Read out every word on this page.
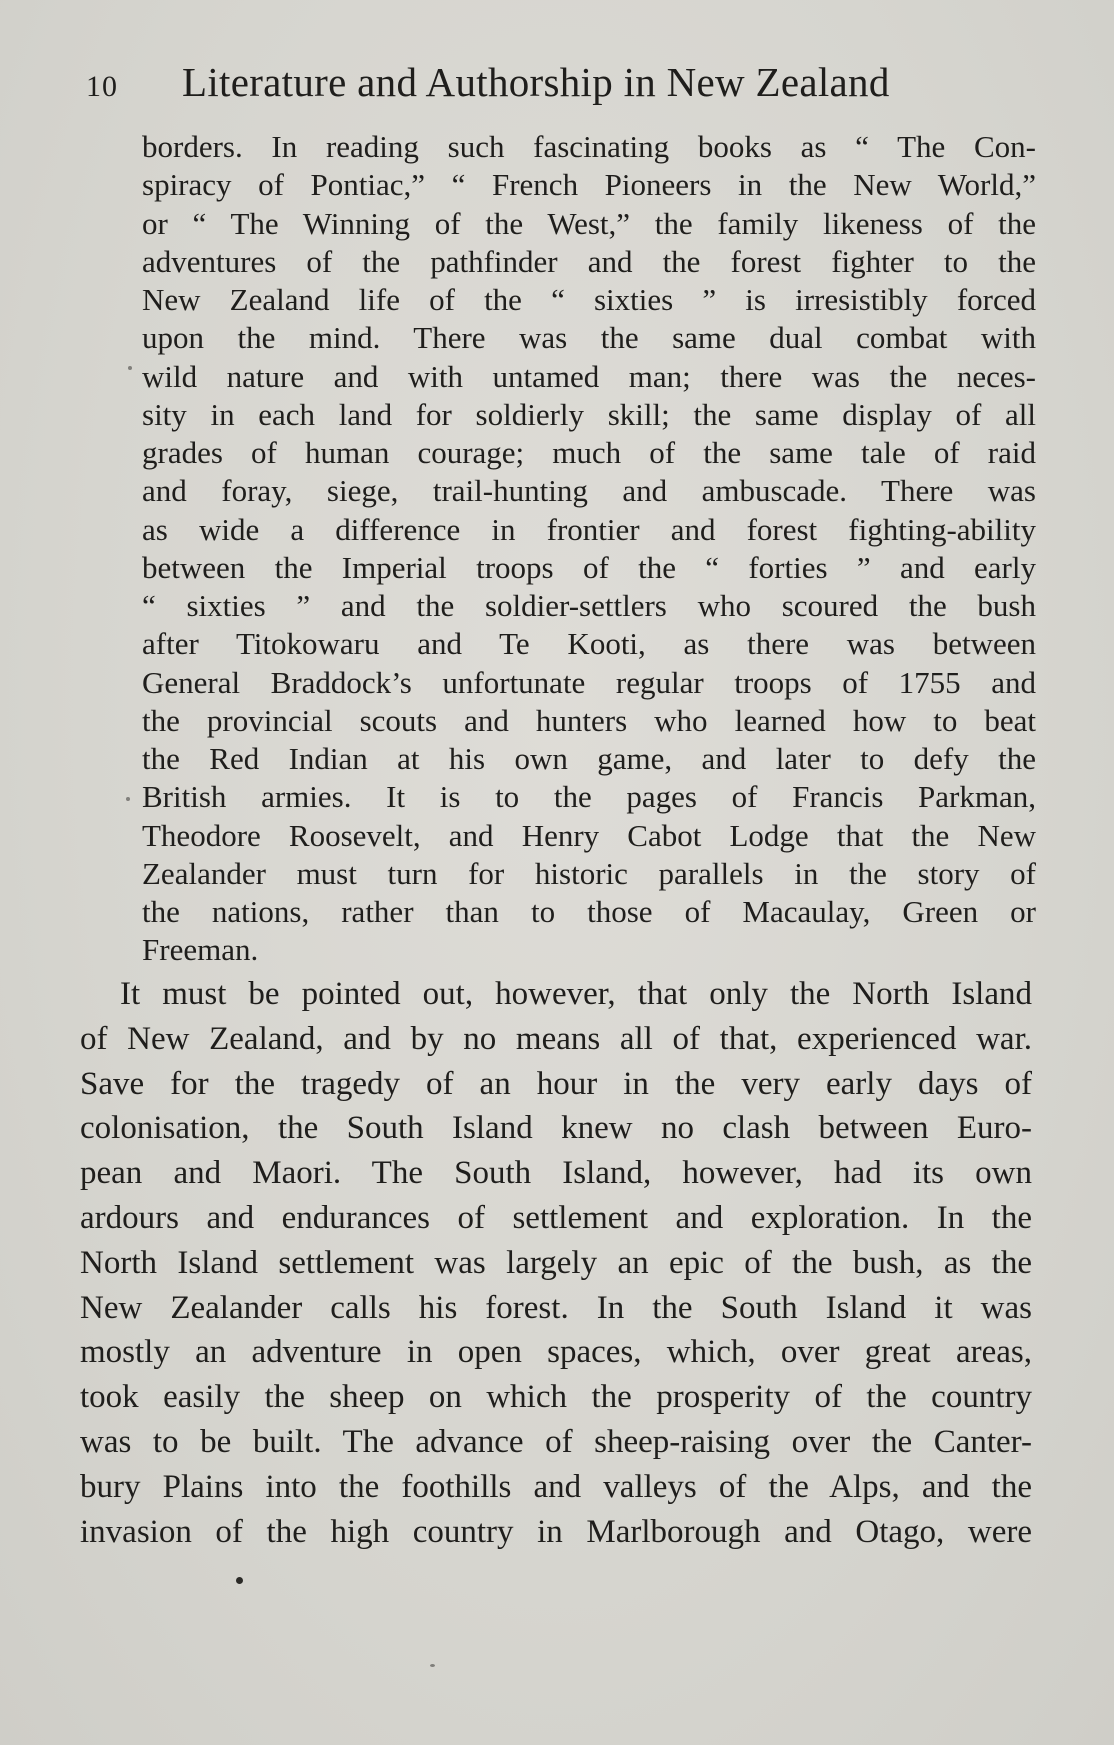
10 Literature and Authorship in New Zealand
borders. In reading such fascinating books as “ The Con-
spiracy of Pontiac,” “ French Pioneers in the New World,”
or “ The Winning of the West,” the family likeness of the
adventures of the pathfinder and the forest fighter to the
New Zealand life of the “ sixties ” is irresistibly forced
upon the mind. There was the same dual combat with
wild nature and with untamed man; there was the neces-
sity in each land for soldierly skill; the same display of all
grades of human courage; much of the same tale of raid
and foray, siege, trail-hunting and ambuscade. There was
as wide a difference in frontier and forest fighting-ability
between the Imperial troops of the “ forties ” and early
“ sixties ” and the soldier-settlers who scoured the bush
after Titokowaru and Te Kooti, as there was between
General Braddock’s unfortunate regular troops of 1755 and
the provincial scouts and hunters who learned how to beat
the Red Indian at his own game, and later to defy the
British armies. It is to the pages of Francis Parkman,
Theodore Roosevelt, and Henry Cabot Lodge that the New
Zealander must turn for historic parallels in the story of
the nations, rather than to those of Macaulay, Green or
Freeman.
It must be pointed out, however, that only the North Island
of New Zealand, and by no means all of that, experienced war.
Save for the tragedy of an hour in the very early days of
colonisation, the South Island knew no clash between Euro-
pean and Maori. The South Island, however, had its own
ardours and endurances of settlement and exploration. In the
North Island settlement was largely an epic of the bush, as the
New Zealander calls his forest. In the South Island it was
mostly an adventure in open spaces, which, over great areas,
took easily the sheep on which the prosperity of the country
was to be built. The advance of sheep-raising over the Canter-
bury Plains into the foothills and valleys of the Alps, and the
invasion of the high country in Marlborough and Otago, were
